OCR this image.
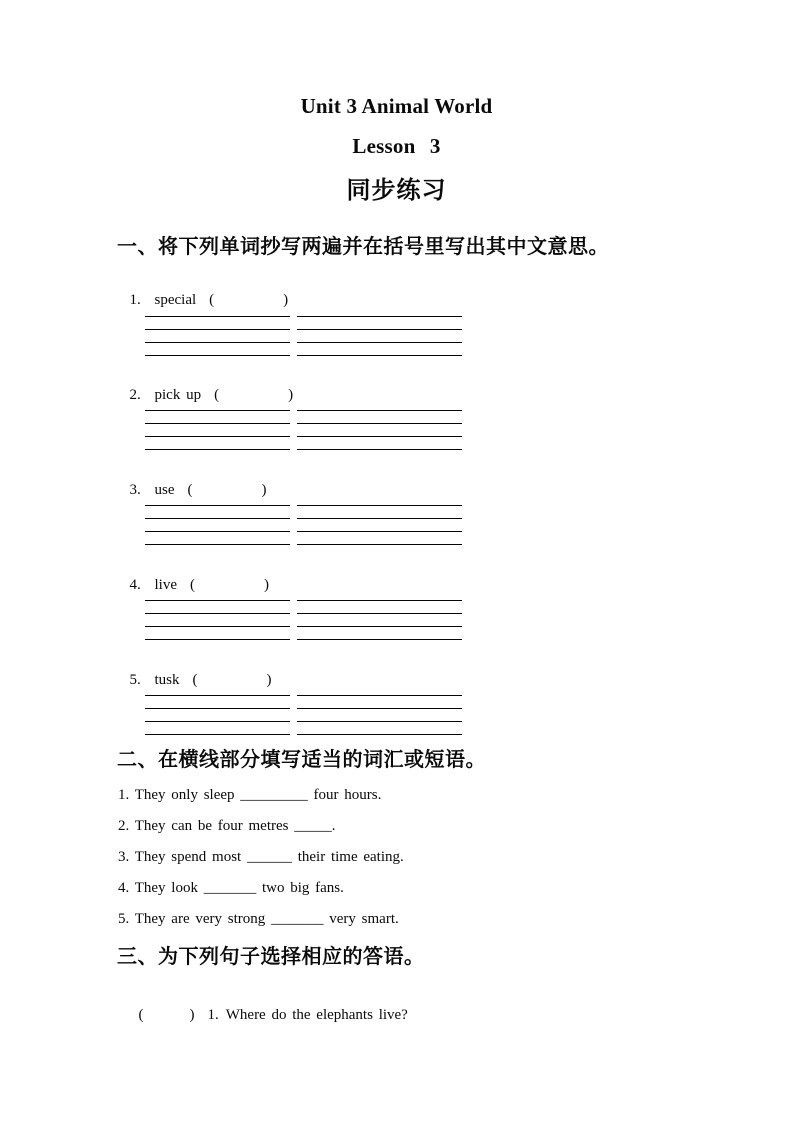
Unit 3 Animal World
Lesson 3
同步练习
一、将下列单词抄写两遍并在括号里写出其中文意思。

1. special (            )

2. pick up (            )

3. use (            )

4. live (            )

5. tusk (            )

二、在横线部分填写适当的词汇或短语。
1. They only sleep _________ four hours.
2. They can be four metres _____.
3. They spend most ______ their time eating.
4. They look _______ two big fans.
5. They are very strong _______ very smart.
三、为下列句子选择相应的答语。

(        ) 1. Where do the elephants live?
